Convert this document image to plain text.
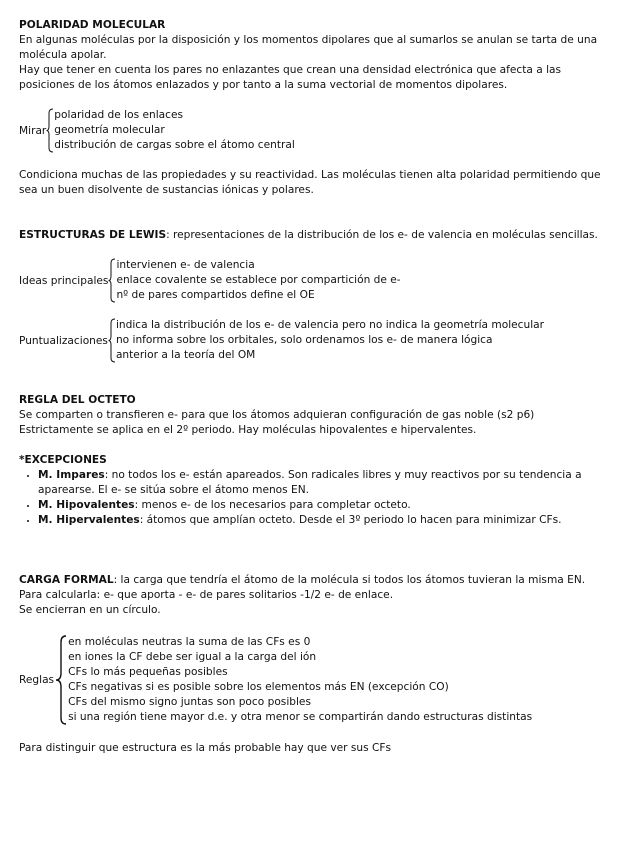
POLARIDAD MOLECULAR
En algunas moléculas por la disposición y los momentos dipolares que al sumarlos se anulan se tarta de una molécula apolar.
Hay que tener en cuenta los pares no enlazantes que crean una densidad electrónica que afecta a las posiciones de los átomos enlazados y por tanto a la suma vectorial de momentos dipolares.
Mirar
polaridad de los enlaces
geometría molecular
distribución de cargas sobre el átomo central
Condiciona muchas de las propiedades y su reactividad. Las moléculas tienen alta polaridad permitiendo que sea un buen disolvente de sustancias iónicas y polares.
ESTRUCTURAS DE LEWIS: representaciones de la distribución de los e- de valencia en moléculas sencillas.
Ideas principales
intervienen e- de valencia
enlace covalente se establece por compartición de e-
nº de pares compartidos define el OE
Puntualizaciones
indica la distribución de los e- de valencia pero no indica la geometría molecular
no informa sobre los orbitales, solo ordenamos los e- de manera lógica
anterior a la teoría del OM
REGLA DEL OCTETO
Se comparten o transfieren e- para que los átomos adquieran configuración de gas noble (s2 p6)
Estrictamente se aplica en el 2º periodo. Hay moléculas hipovalentes e hipervalentes.
*EXCEPCIONES
• M. Impares: no todos los e- están apareados. Son radicales libres y muy reactivos por su tendencia a aparearse. El e- se sitúa sobre el átomo menos EN.
• M. Hipovalentes: menos e- de los necesarios para completar octeto.
• M. Hipervalentes: átomos que amplían octeto. Desde el 3º periodo lo hacen para minimizar CFs.
CARGA FORMAL: la carga que tendría el átomo de la molécula si todos los átomos tuvieran la misma EN.
Para calcularla: e- que aporta - e- de pares solitarios -1/2 e- de enlace.
Se encierran en un círculo.
Reglas
en moléculas neutras la suma de las CFs es 0
en iones la CF debe ser igual a la carga del ión
CFs lo más pequeñas posibles
CFs negativas si es posible sobre los elementos más EN (excepción CO)
CFs del mismo signo juntas son poco posibles
si una región tiene mayor d.e. y otra menor se compartirán dando estructuras distintas
Para distinguir que estructura es la más probable hay que ver sus CFs
